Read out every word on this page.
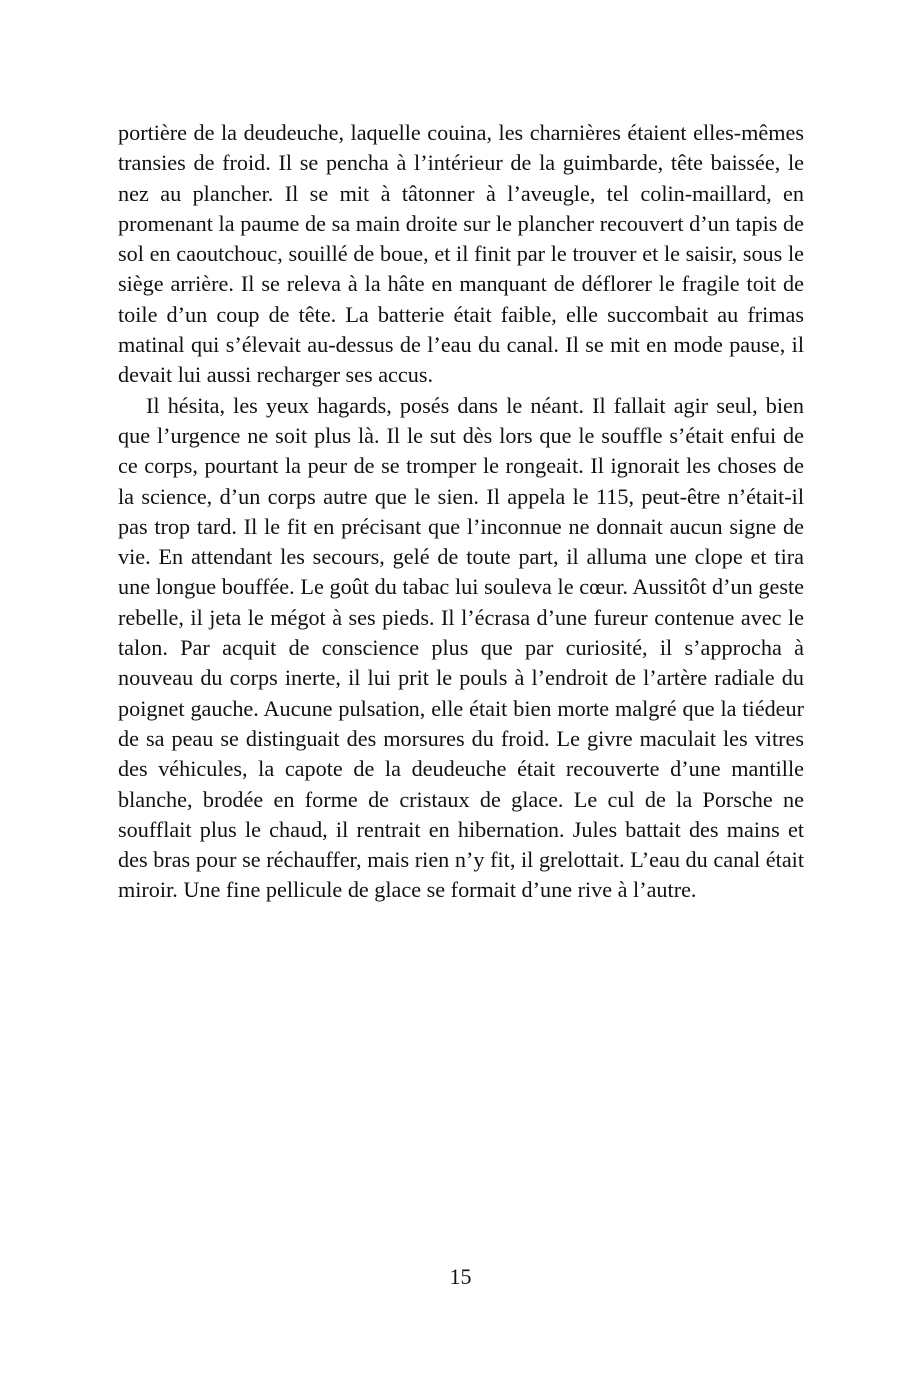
portière de la deudeuche, laquelle couina, les charnières étaient elles-mêmes transies de froid. Il se pencha à l’intérieur de la guimbarde, tête baissée, le nez au plancher. Il se mit à tâtonner à l’aveugle, tel colin-maillard, en promenant la paume de sa main droite sur le plancher recouvert d’un tapis de sol en caoutchouc, souillé de boue, et il finit par le trouver et le saisir, sous le siège arrière. Il se releva à la hâte en manquant de déflorer le fragile toit de toile d’un coup de tête. La batterie était faible, elle succombait au frimas matinal qui s’élevait au-dessus de l’eau du canal. Il se mit en mode pause, il devait lui aussi recharger ses accus.

Il hésita, les yeux hagards, posés dans le néant. Il fallait agir seul, bien que l’urgence ne soit plus là. Il le sut dès lors que le souffle s’était enfui de ce corps, pourtant la peur de se tromper le rongeait. Il ignorait les choses de la science, d’un corps autre que le sien. Il appela le 115, peut-être n’était-il pas trop tard. Il le fit en précisant que l’inconnue ne donnait aucun signe de vie. En attendant les secours, gelé de toute part, il alluma une clope et tira une longue bouffée. Le goût du tabac lui souleva le cœur. Aussitôt d’un geste rebelle, il jeta le mégot à ses pieds. Il l’écrasa d’une fureur contenue avec le talon. Par acquit de conscience plus que par curiosité, il s’approcha à nouveau du corps inerte, il lui prit le pouls à l’endroit de l’artère radiale du poignet gauche. Aucune pulsation, elle était bien morte malgré que la tiédeur de sa peau se distinguait des morsures du froid. Le givre maculait les vitres des véhicules, la capote de la deudeuche était recouverte d’une mantille blanche, brodée en forme de cristaux de glace. Le cul de la Porsche ne soufflait plus le chaud, il rentrait en hibernation. Jules battait des mains et des bras pour se réchauffer, mais rien n’y fit, il grelottait. L’eau du canal était miroir. Une fine pellicule de glace se formait d’une rive à l’autre.

15
